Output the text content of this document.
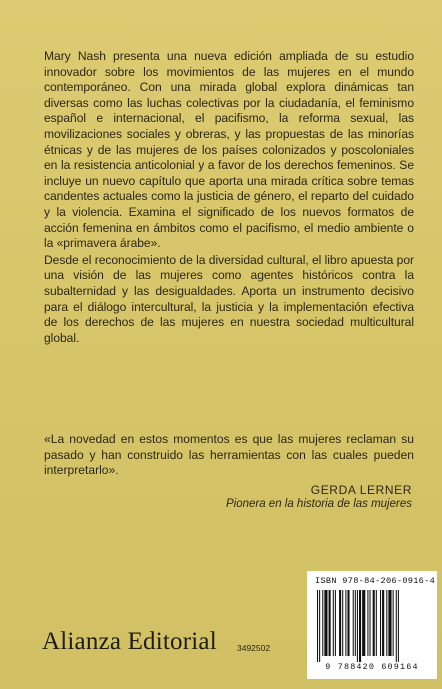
Mary Nash presenta una nueva edición ampliada de su estudio innovador sobre los movimientos de las mujeres en el mundo contemporáneo. Con una mirada global explora dinámicas tan diversas como las luchas colectivas por la ciudadanía, el feminismo español e internacional, el pacifismo, la reforma sexual, las movilizaciones sociales y obreras, y las propuestas de las minorías étnicas y de las mujeres de los países colonizados y poscoloniales en la resistencia anticolonial y a favor de los derechos femeninos. Se incluye un nuevo capítulo que aporta una mirada crítica sobre temas candentes actuales como la justicia de género, el reparto del cuidado y la violencia. Examina el significado de los nuevos formatos de acción femenina en ámbitos como el pacifismo, el medio ambiente o la «primavera árabe».

Desde el reconocimiento de la diversidad cultural, el libro apuesta por una visión de las mujeres como agentes históricos contra la subalternidad y las desigualdades. Aporta un instrumento decisivo para el diálogo intercultural, la justicia y la implementación efectiva de los derechos de las mujeres en nuestra sociedad multicultural global.

«La novedad en estos momentos es que las mujeres reclaman su pasado y han construido las herramientas con las cuales pueden interpretarlo».
GERDA LERNER
Pionera en la historia de las mujeres
Alianza Editorial 3492502
ISBN 978-84-206-0916-4
9 788420 609164
